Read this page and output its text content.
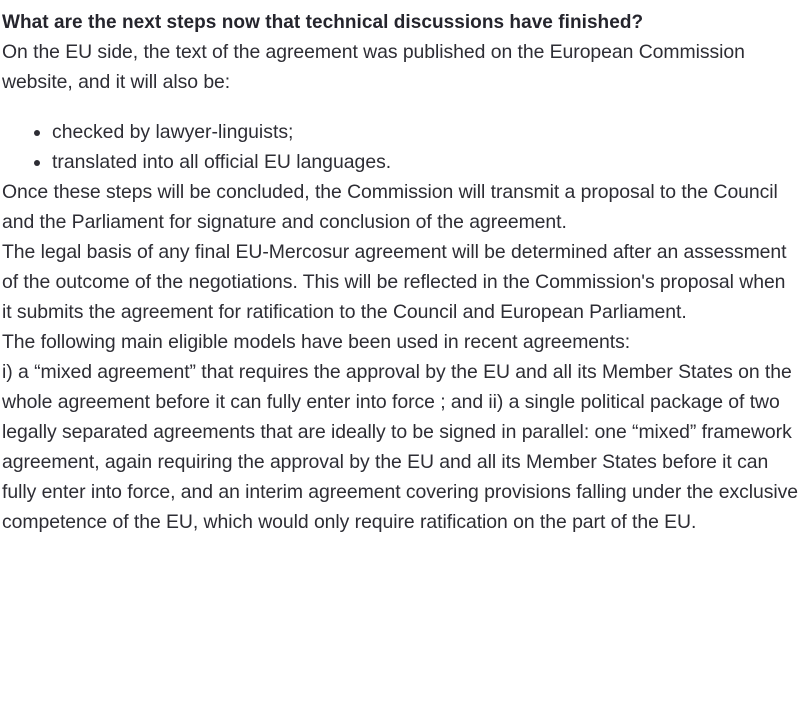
What are the next steps now that technical discussions have finished?

On the EU side, the text of the agreement was published on the European Commission website, and it will also be:

• checked by lawyer-linguists;
• translated into all official EU languages.

Once these steps will be concluded, the Commission will transmit a proposal to the Council and the Parliament for signature and conclusion of the agreement.

The legal basis of any final EU-Mercosur agreement will be determined after an assessment of the outcome of the negotiations. This will be reflected in the Commission's proposal when it submits the agreement for ratification to the Council and European Parliament.

The following main eligible models have been used in recent agreements:

i) a “mixed agreement” that requires the approval by the EU and all its Member States on the whole agreement before it can fully enter into force ; and ii) a single political package of two legally separated agreements that are ideally to be signed in parallel: one “mixed” framework agreement, again requiring the approval by the EU and all its Member States before it can fully enter into force, and an interim agreement covering provisions falling under the exclusive competence of the EU, which would only require ratification on the part of the EU.
